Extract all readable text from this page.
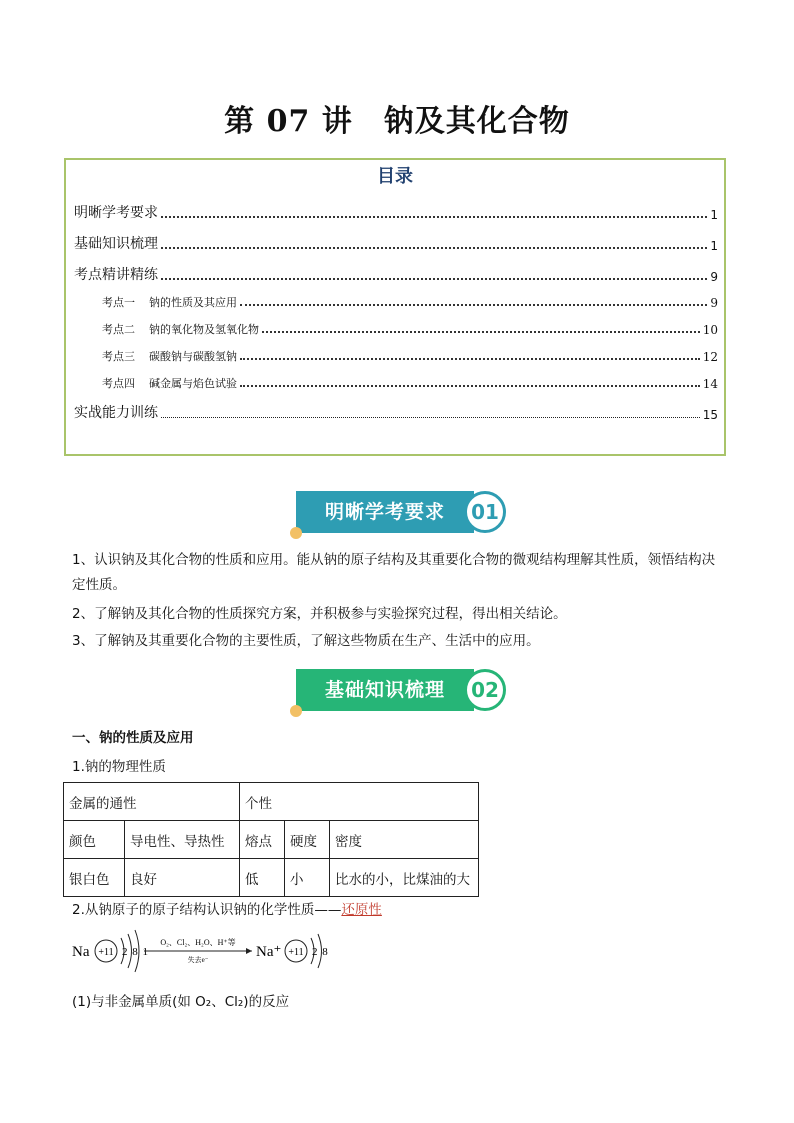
第 07 讲　钠及其化合物
目录
明晰学考要求	1
基础知识梳理	1
考点精讲精练	9
考点一 钠的性质及其应用	9
考点二 钠的氧化物及氢氧化物	10
考点三 碳酸钠与碳酸氢钠	12
考点四 碱金属与焰色试验	14
实战能力训练	15
明晰学考要求	01
1、认识钠及其化合物的性质和应用。能从钠的原子结构及其重要化合物的微观结构理解其性质，领悟结构决定性质。
2、了解钠及其化合物的性质探究方案，并积极参与实验探究过程，得出相关结论。
3、了解钠及其重要化合物的主要性质，了解这些物质在生产、生活中的应用。
基础知识梳理	02
一、钠的性质及应用
1.钠的物理性质
金属的通性		个性		
颜色	导电性、导热性	熔点	硬度	密度
银白色	良好	低	小	比水的小，比煤油的大
2.从钠原子的原子结构认识钠的化学性质——还原性
Na +11 2 8 1
O₂、Cl₂、H₂O、H⁺等
失去e⁻	Na⁺ +11 2 8
(1)与非金属单质(如 O₂、Cl₂)的反应
